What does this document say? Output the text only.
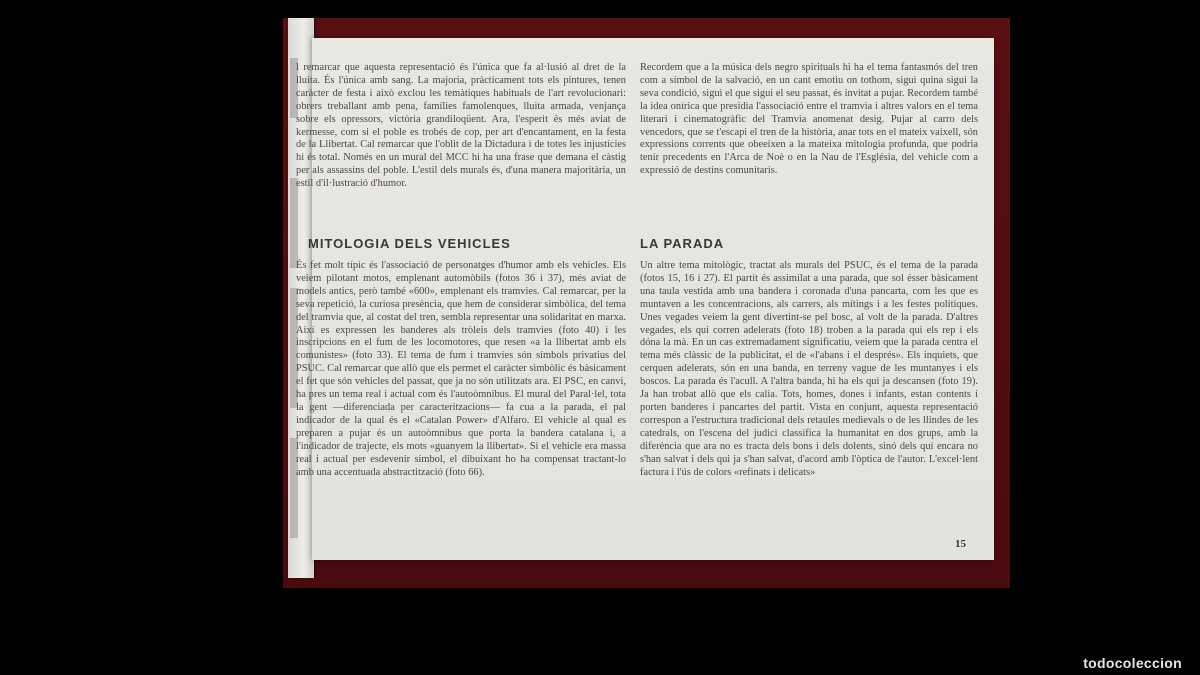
l remarcar que aquesta representació és l'única que fa al·lusió al dret de la lluita. És l'única amb sang. La majoria, pràcticament tots els pintures, tenen caràcter de festa i això exclou les temàtiques habituals de l'art revolucionari: obrers treballant amb pena, famílies famolenques, lluita armada, venjança sobre els opressors, victòria grandiloqüent. Ara, l'esperit és més aviat de kermesse, com si el poble es trobés de cop, per art d'encantament, en la festa de la Llibertat. Cal remarcar que l'oblit de la Dictadura i de totes les injustícies hi és total. Només en un mural del MCC hi ha una frase que demana el càstig per als assassins del poble. L'estil dels murals és, d'una manera majoritària, un estil d'il·lustració d'humor.

MITOLOGIA DELS VEHICLES

És fet molt típic és l'associació de personatges d'humor amb els vehicles. Els veiem pilotant motos, emplenant automòbils (fotos 36 i 37), més aviat de models antics, però també «600», emplenant els tramvies. Cal remarcar, per la seva repetició, la curiosa presència, que hem de considerar simbòlica, del tema del tramvia que, al costat del tren, sembla representar una solidaritat en marxa. Així es expressen les banderes als tròleis dels tramvies (foto 40) i les inscripcions en el fum de les locomotores, que resen «a la llibertat amb els comunistes» (foto 33). El tema de fum i tramvies són símbols privatius del PSUC. Cal remarcar que allò que els permet el caràcter simbòlic és bàsicament el fet que són vehicles del passat, que ja no són utilitzats ara. El PSC, en canvi, ha pres un tema real i actual com és l'autoòmnibus. El mural del Paral·lel, tota la gent —diferenciada per caracteritzacions— fa cua a la parada, el pal indicador de la qual és el «Catalan Power» d'Alfaro. El vehicle al qual es preparen a pujar és un autoòmnibus que porta la bandera catalana i, a l'indicador de trajecte, els mots «guanyem la llibertat». Si el vehicle era massa real i actual per esdevenir símbol, el dibuixant ho ha compensat tractant-lo amb una accentuada abstractització (foto 66).

Recordem que a la música dels negro spirituals hi ha el tema fantasmós del tren com a símbol de la salvació, en un cant emotiu on tothom, sigui quina sigui la seva condició, sigui el que sigui el seu passat, és invitat a pujar. Recordem també la idea onírica que presidia l'associació entre el tramvia i altres valors en el tema literari i cinematogràfic del Tramvia anomenat desig. Pujar al carro dels vencedors, que se t'escapi el tren de la història, anar tots en el mateix vaixell, són expressions corrents que obeeixen a la mateixa mitologia profunda, que podria tenir precedents en l'Arca de Noè o en la Nau de l'Església, del vehicle com a expressió de destins comunitaris.

LA PARADA

Un altre tema mitològic, tractat als murals del PSUC, és el tema de la parada (fotos 15, 16 i 27). El partit és assimilat a una parada, que sol ésser bàsicament una taula vestida amb una bandera i coronada d'una pancarta, com les que es muntaven a les concentracions, als carrers, als mítings i a les festes polítiques. Unes vegades veiem la gent divertint-se pel bosc, al volt de la parada. D'altres vegades, els qui corren adelerats (foto 18) troben a la parada qui els rep i els dóna la mà. En un cas extremadament significatiu, veiem que la parada centra el tema més clàssic de la publicitat, el de «l'abans i el després». Els inquiets, que cerquen adelerats, són en una banda, en terreny vague de les muntanyes i els boscos. La parada és l'acull. A l'altra banda, hi ha els qui ja descansen (foto 19). Ja han trobat allò que els calia. Tots, homes, dones i infants, estan contents i porten banderes i pancartes del partit. Vista en conjunt, aquesta representació correspon a l'estructura tradicional dels retaules medievals o de les llindes de les catedrals, on l'escena del judici classifica la humanitat en dos grups, amb la diferència que ara no es tracta dels bons i dels dolents, sinó dels qui encara no s'han salvat i dels qui ja s'han salvat, d'acord amb l'òptica de l'autor. L'excel·lent factura i l'ús de colors «refinats i delicats»

15
todocoleccion
